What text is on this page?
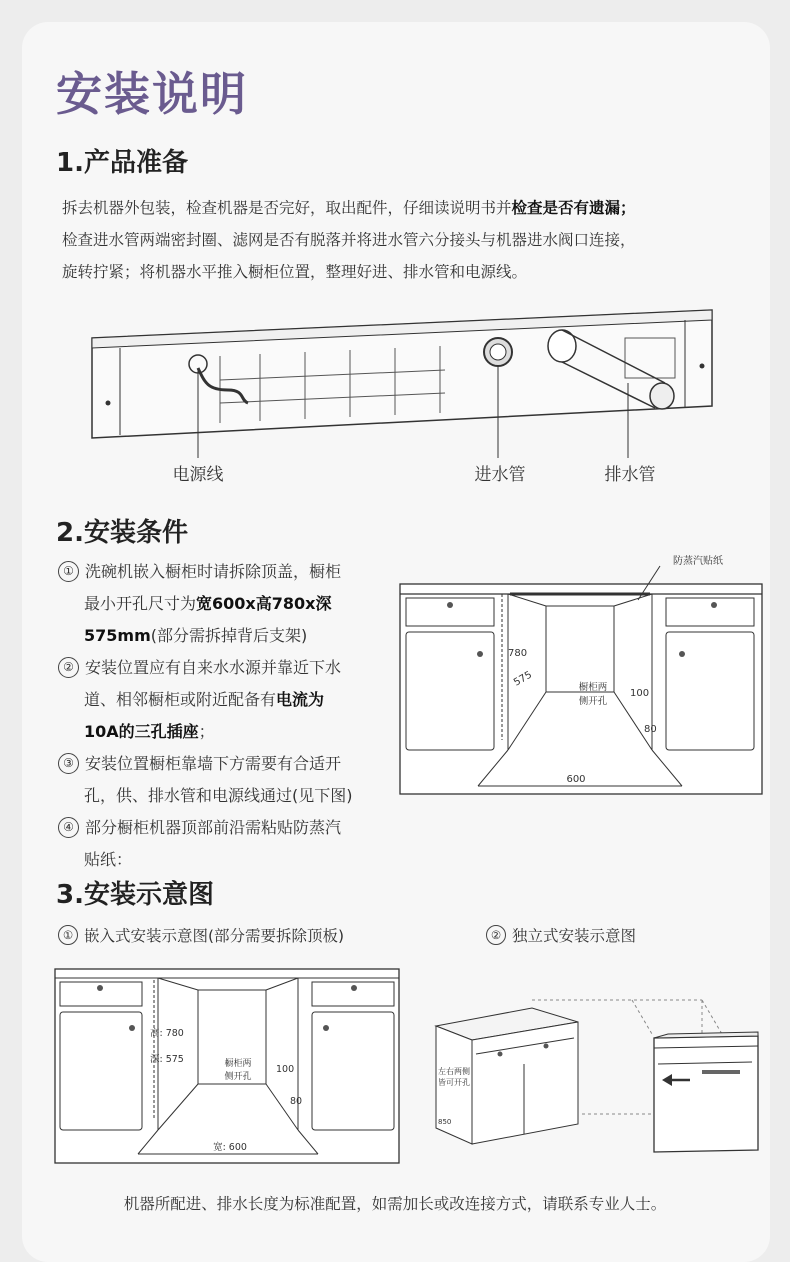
安装说明
1.产品准备
拆去机器外包装，检查机器是否完好，取出配件，仔细读说明书并检查是否有遗漏；
检查进水管两端密封圈、滤网是否有脱落并将进水管六分接头与机器进水阀口连接，
旋转拧紧；将机器水平推入橱柜位置，整理好进、排水管和电源线。
电源线	进水管	排水管
2.安装条件
① 洗碗机嵌入橱柜时请拆除顶盖，橱柜
最小开孔尺寸为宽600x高780x深
575mm(部分需拆掉背后支架)
② 安装位置应有自来水水源并靠近下水
道、相邻橱柜或附近配备有电流为
10A的三孔插座；
③ 安装位置橱柜靠墙下方需要有合适开
孔，供、排水管和电源线通过(见下图)
④ 部分橱柜机器顶部前沿需粘贴防蒸汽
贴纸：
防蒸汽贴纸
780
575
600
橱柜两
侧开孔
100
80
3.安装示意图
① 嵌入式安装示意图(部分需要拆除顶板)	② 独立式安装示意图
高: 780
深: 575
宽: 600
橱柜两
侧开孔
100
80
左右两侧
皆可开孔
850
机器所配进、排水长度为标准配置，如需加长或改连接方式，请联系专业人士。
